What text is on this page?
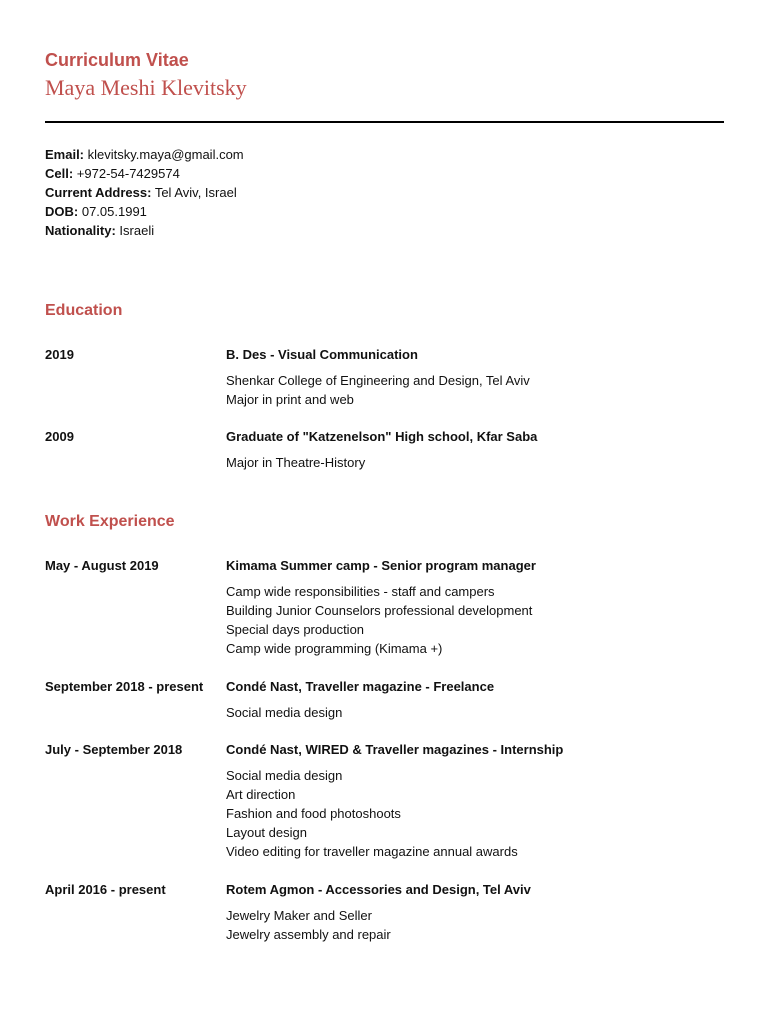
Curriculum Vitae
Maya Meshi Klevitsky
Email: klevitsky.maya@gmail.com
Cell: +972-54-7429574
Current Address: Tel Aviv, Israel
DOB: 07.05.1991
Nationality: Israeli
Education
2019	B. Des - Visual Communication
Shenkar College of Engineering and Design, Tel Aviv
Major in print and web
2009	Graduate of "Katzenelson" High school, Kfar Saba
Major in Theatre-History
Work Experience
May - August 2019	Kimama Summer camp - Senior program manager
Camp wide responsibilities - staff and campers
Building Junior Counselors professional development
Special days production
Camp wide programming (Kimama +)
September 2018 - present Condé Nast, Traveller magazine - Freelance
Social media design
July - September 2018	Condé Nast, WIRED & Traveller magazines - Internship
Social media design
Art direction
Fashion and food photoshoots
Layout design
Video editing for traveller magazine annual awards
April 2016 - present	Rotem Agmon - Accessories and Design, Tel Aviv
Jewelry Maker and Seller
Jewelry assembly and repair
